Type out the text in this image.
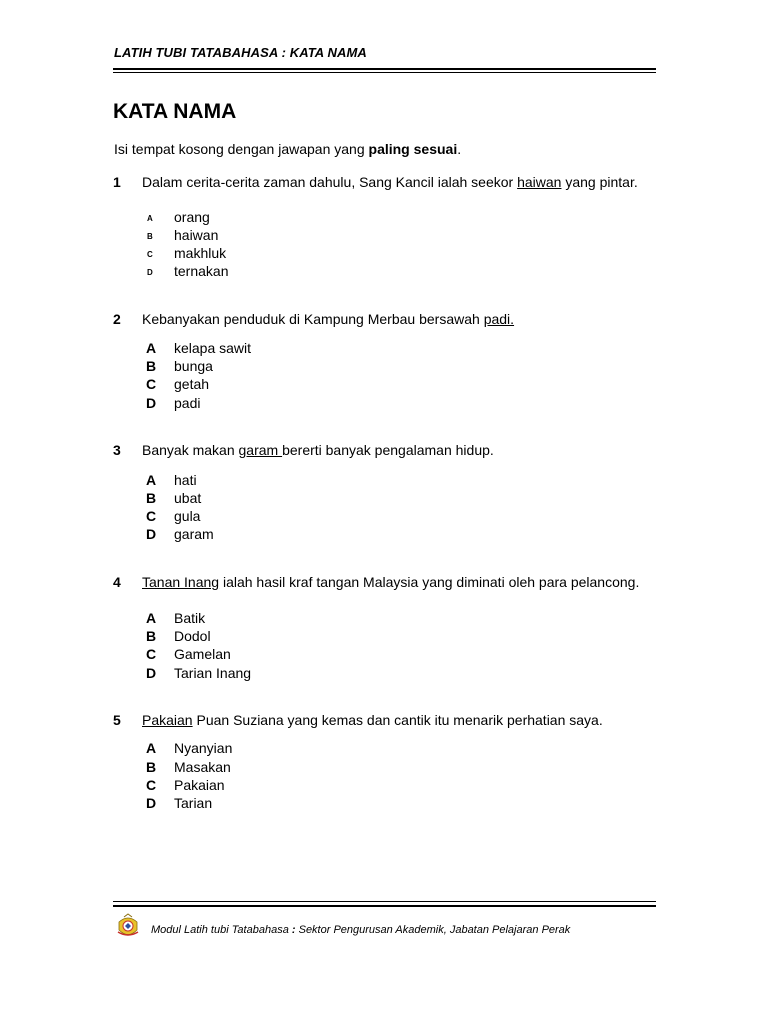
LATIH TUBI TATABAHASA : KATA NAMA
KATA NAMA
Isi tempat kosong dengan jawapan yang paling sesuai.
1 Dalam cerita-cerita zaman dahulu, Sang Kancil ialah seekor haiwan yang pintar.
A orang
B haiwan
C makhluk
D ternakan
2 Kebanyakan penduduk di Kampung Merbau bersawah padi.
A kelapa sawit
B bunga
C getah
D padi
3 Banyak makan garam bererti banyak pengalaman hidup.
A hati
B ubat
C gula
D garam
4 Tanan Inang ialah hasil kraf tangan Malaysia yang diminati oleh para pelancong.
A Batik
B Dodol
C Gamelan
D Tarian Inang
5 Pakaian Puan Suziana yang kemas dan cantik itu menarik perhatian saya.
A Nyanyian
B Masakan
C Pakaian
D Tarian
Modul Latih tubi Tatabahasa : Sektor Pengurusan Akademik, Jabatan Pelajaran Perak
